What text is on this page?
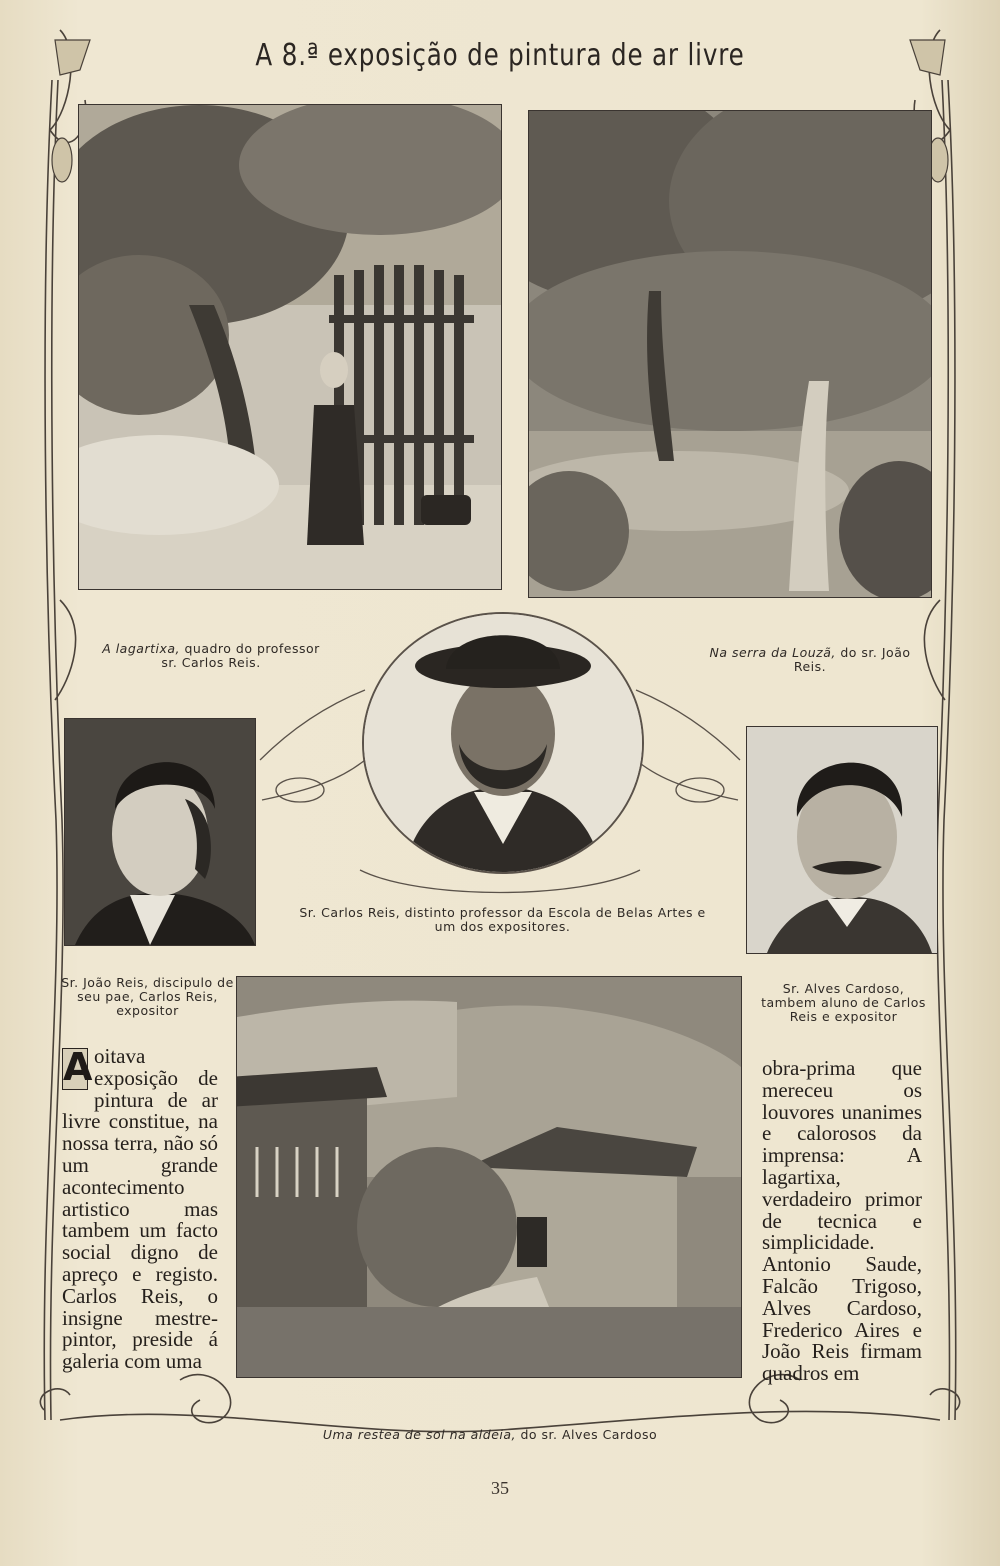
A 8.ª exposição de pintura de ar livre
A lagartixa, quadro do professor sr. Carlos Reis.
Na serra da Louzã, do sr. João Reis.
Sr. Carlos Reis, distinto professor da Escola de Belas Artes e um dos expositores.
Sr. João Reis, discipulo de seu pae, Carlos Reis, expositor
Sr. Alves Cardoso, tambem aluno de Carlos Reis e expositor
Uma restea de sol na aldeia, do sr. Alves Cardoso
A oitava exposição de pintura de ar livre constitue, na nossa terra, não só um grande acontecimento artistico mas tambem um facto social digno de apreço e registo. Carlos Reis, o insigne mestre-pintor, preside á galeria com uma

obra-prima que mereceu os louvores unanimes e calorosos da imprensa: A lagartixa, verdadeiro primor de tecnica e simplicidade. Antonio Saude, Falcão Trigoso, Alves Cardoso, Frederico Aires e João Reis firmam quadros em

35
